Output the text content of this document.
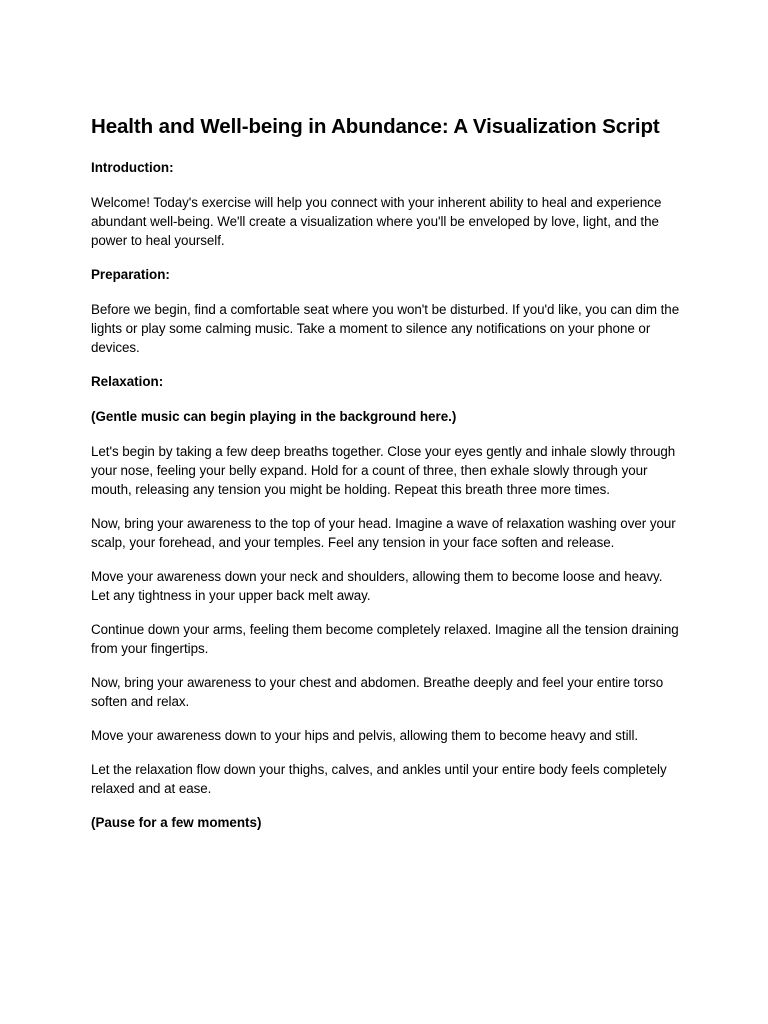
Health and Well-being in Abundance: A Visualization Script
Introduction:

Welcome! Today's exercise will help you connect with your inherent ability to heal and experience abundant well-being. We'll create a visualization where you'll be enveloped by love, light, and the power to heal yourself.

Preparation:

Before we begin, find a comfortable seat where you won't be disturbed. If you'd like, you can dim the lights or play some calming music. Take a moment to silence any notifications on your phone or devices.

Relaxation:
(Gentle music can begin playing in the background here.)

Let's begin by taking a few deep breaths together. Close your eyes gently and inhale slowly through your nose, feeling your belly expand. Hold for a count of three, then exhale slowly through your mouth, releasing any tension you might be holding. Repeat this breath three more times.

Now, bring your awareness to the top of your head. Imagine a wave of relaxation washing over your scalp, your forehead, and your temples. Feel any tension in your face soften and release.

Move your awareness down your neck and shoulders, allowing them to become loose and heavy. Let any tightness in your upper back melt away.

Continue down your arms, feeling them become completely relaxed. Imagine all the tension draining from your fingertips.

Now, bring your awareness to your chest and abdomen. Breathe deeply and feel your entire torso soften and relax.

Move your awareness down to your hips and pelvis, allowing them to become heavy and still.

Let the relaxation flow down your thighs, calves, and ankles until your entire body feels completely relaxed and at ease.

(Pause for a few moments)
